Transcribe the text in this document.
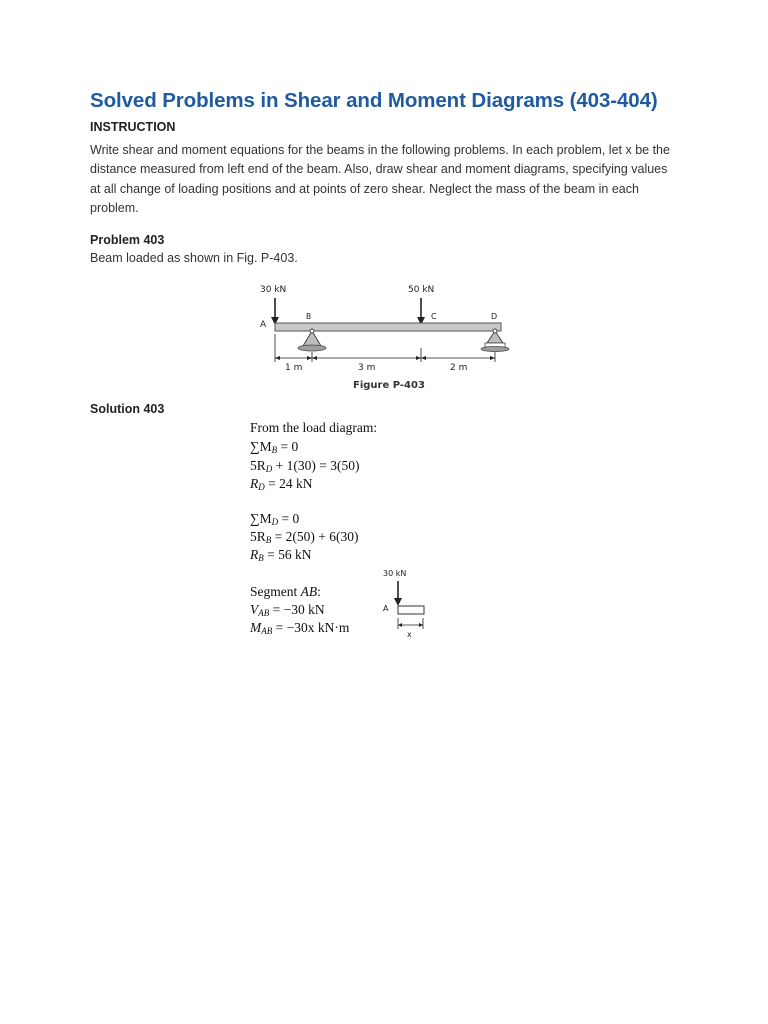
Solved Problems in Shear and Moment Diagrams (403-404)

INSTRUCTION

Write shear and moment equations for the beams in the following problems. In each problem, let x be the distance measured from left end of the beam. Also, draw shear and moment diagrams, specifying values at all change of loading positions and at points of zero shear. Neglect the mass of the beam in each problem.

Problem 403

Beam loaded as shown in Fig. P-403.

Solution 403

30 kN	50 kN
A
B	C	D
1 m	3 m	2 m
Figure P-403

From the load diagram:

$\sum M_B = 0$

$5R_D + 1(30) = 3(50)$

$R_D = 24$ kN

$\sum M_D = 0$

$5R_B = 2(50) + 6(30)$

$R_B = 56$ kN

Segment AB:

$V_{AB} = -30$ kN

$M_{AB} = -30x$ kN·m

30 kN
A
x
